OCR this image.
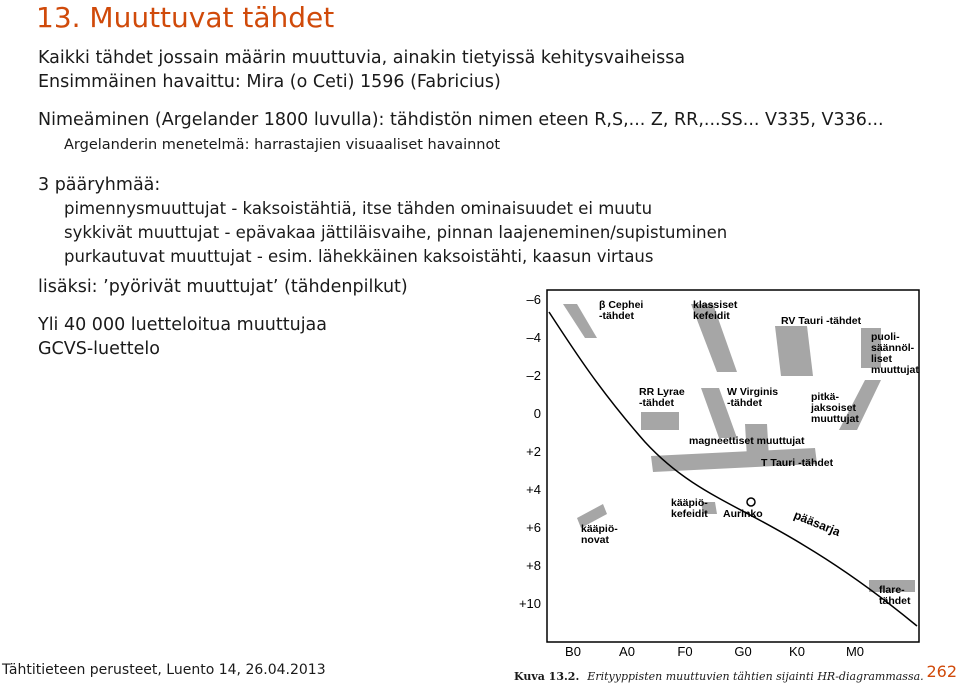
13. Muuttuvat tähdet
Kaikki tähdet jossain määrin muuttuvia, ainakin tietyissä kehitysvaiheissa
Ensimmäinen havaittu: Mira (o Ceti) 1596 (Fabricius)
Nimeäminen (Argelander 1800 luvulla): tähdistön nimen eteen R,S,... Z, RR,...SS... V335, V336...
Argelanderin menetelmä: harrastajien visuaaliset havainnot
3 pääryhmää:
pimennysmuuttujat - kaksoistähtiä, itse tähden ominaisuudet ei muutu
sykkivät muuttujat - epävakaa jättiläisvaihe, pinnan laajeneminen/supistuminen
purkautuvat muuttujat - esim. lähekkäinen kaksoistähti, kaasun virtaus
lisäksi: ’pyörivät muuttujat’ (tähdenpilkut)
Yli 40 000 luetteloitua muuttujaa
GCVS-luettelo
–6
–4
–2
0
+2
+4
+6
+8
+10
B0	A0	F0	G0	K0	M0
β Cephei
-tähdet
klassiset
kefeidit	RV Tauri -tähdet
puoli-
säännöl-
liset
muuttujat
RR Lyrae
-tähdet
W Virginis
-tähdet	pitkä-
jaksoiset
muuttujat
magneettiset muuttujat
T Tauri -tähdet
kääpiö-
kefeidit Aurinko pääsarja
kääpiö-
novat
flare-
tähdet
Kuva 13.2. Erityyppisten muuttuvien tähtien sijainti HR-diagrammassa.
Tähtitieteen perusteet, Luento 14, 26.04.2013	262
